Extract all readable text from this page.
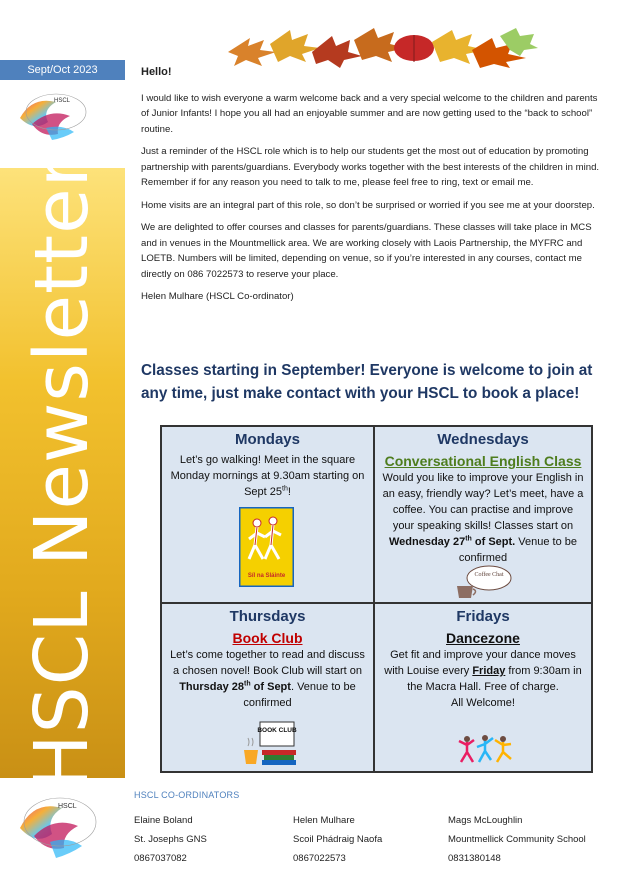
Sept/Oct 2023
HSCL
HSCL Newsletter
Hello!

I would like to wish everyone a warm welcome back and a very special welcome to the children and parents of Junior Infants! I hope you all had an enjoyable summer and are now getting used to the “back to school” routine.

Just a reminder of the HSCL role which is to help our students get the most out of education by promoting partnership with parents/guardians. Everybody works together with the best interests of the children in mind. Remember if for any reason you need to talk to me, please feel free to ring, text or email me.

Home visits are an integral part of this role, so don’t be surprised or worried if you see me at your doorstep.

We are delighted to offer courses and classes for parents/guardians. These classes will take place in MCS and in venues in the Mountmellick area. We are working closely with Laois Partnership, the MYFRC and LOETB. Numbers will be limited, depending on venue, so if you’re interested in any courses, contact me directly on 086 7022573 to reserve your place.

Helen Mulhare (HSCL Co-ordinator)

Classes starting in September! Everyone is welcome to join at any time, just make contact with your HSCL to book a place!
Mondays
Let’s go walking! Meet in the square Monday mornings at 9.30am starting on Sept 25th!
Síl na Sláinte
Wednesdays
Conversational English Class
Would you like to improve your English in an easy, friendly way? Let’s meet, have a coffee. You can practise and improve your speaking skills! Classes start on Wednesday 27th of Sept. Venue to be confirmed
Coffee Chat
Thursdays
Book Club
Let’s come together to read and discuss a chosen novel! Book Club will start on Thursday 28th of Sept. Venue to be confirmed
BOOK CLUB
Fridays
Dancezone
Get fit and improve your dance moves with Louise every Friday from 9:30am in the Macra Hall. Free of charge.
All Welcome!
HSCL
HSCL CO-ORDINATORS
Elaine Boland
St. Josephs GNS
0867037082
Helen Mulhare
Scoil Phádraig Naofa
0867022573
Mags McLoughlin
Mountmellick Community School
0831380148
